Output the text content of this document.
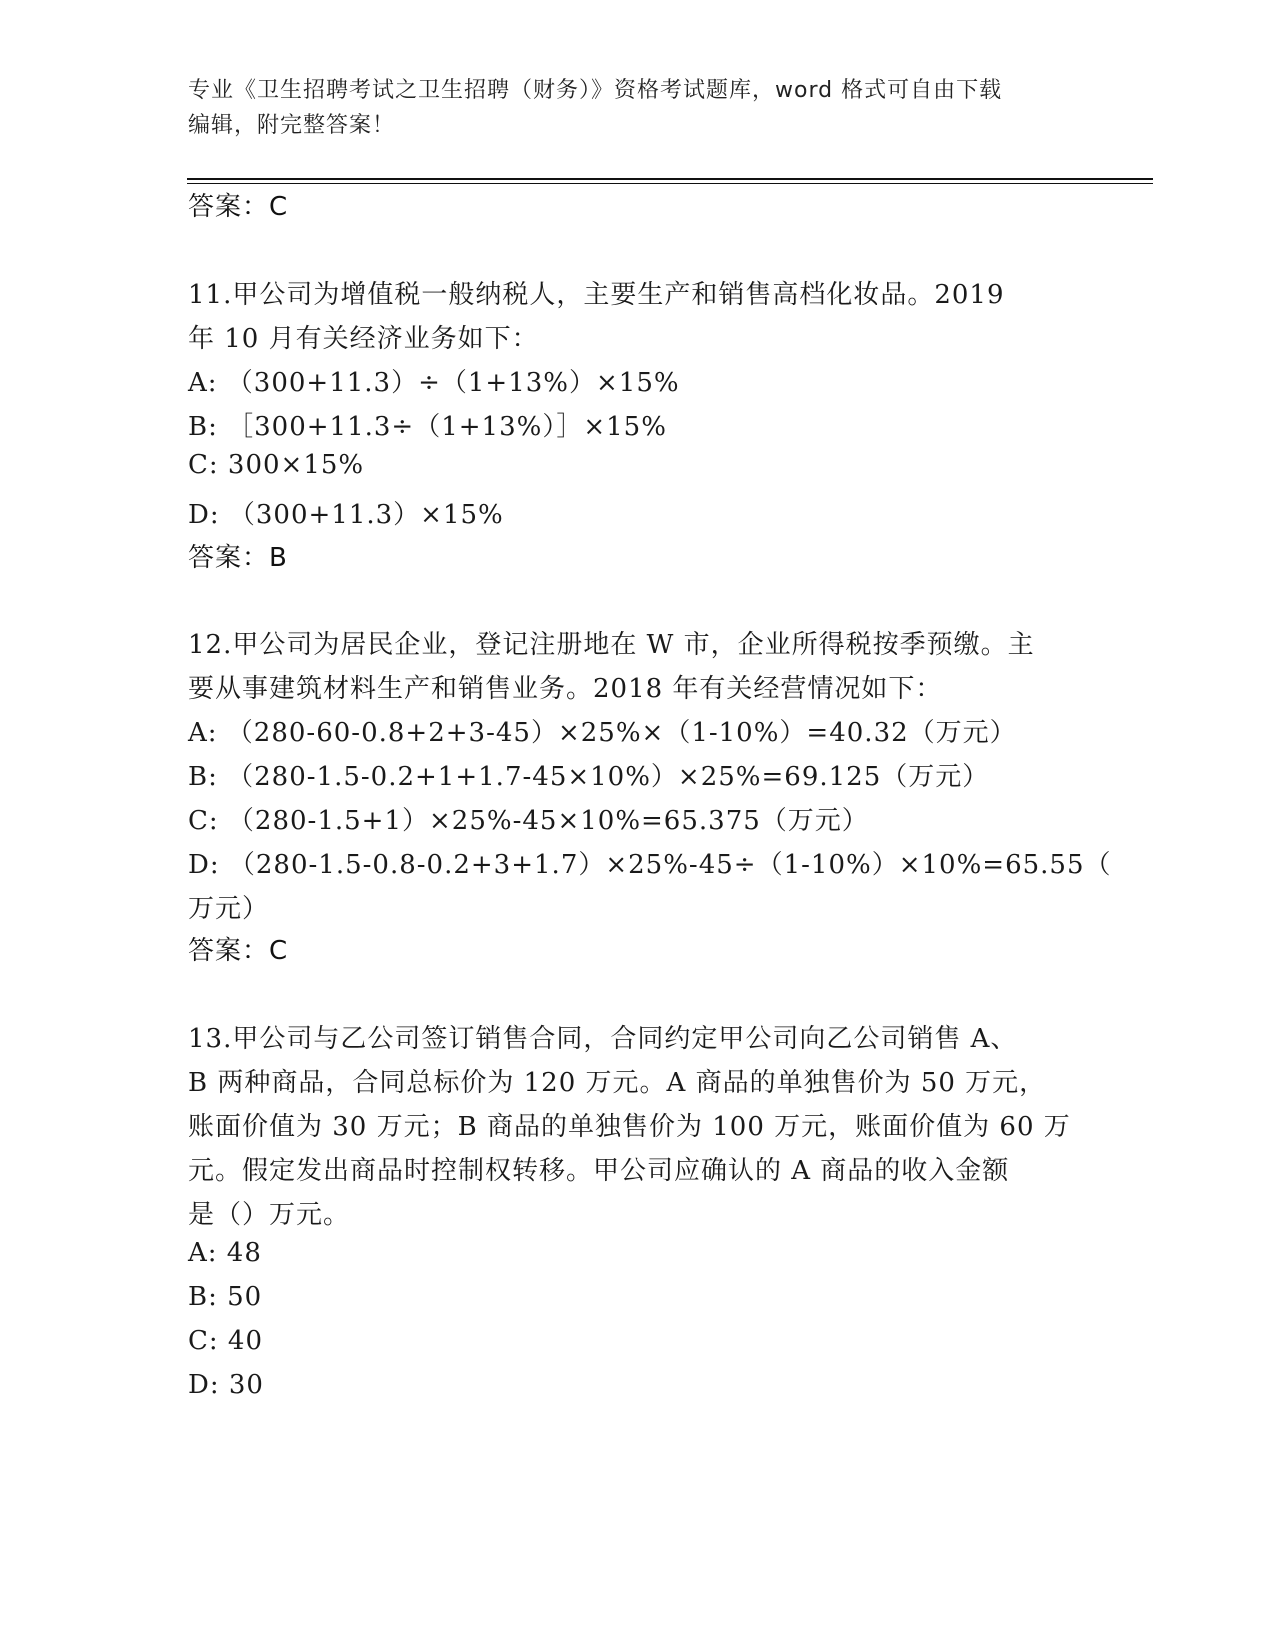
专业《卫生招聘考试之卫生招聘（财务）》资格考试题库，word 格式可自由下载
编辑，附完整答案！
答案：C
11.甲公司为增值税一般纳税人，主要生产和销售高档化妆品。2019
年 10 月有关经济业务如下：
A: （300+11.3）÷（1+13%）×15%
B: ［300+11.3÷（1+13%）］×15%
C: 300×15%
D: （300+11.3）×15%
答案：B
12.甲公司为居民企业，登记注册地在 W 市，企业所得税按季预缴。主
要从事建筑材料生产和销售业务。2018 年有关经营情况如下：
A: （280-60-0.8+2+3-45）×25%×（1-10%）=40.32（万元）
B: （280-1.5-0.2+1+1.7-45×10%）×25%=69.125（万元）
C: （280-1.5+1）×25%-45×10%=65.375（万元）
D: （280-1.5-0.8-0.2+3+1.7）×25%-45÷（1-10%）×10%=65.55（
万元）
答案：C
13.甲公司与乙公司签订销售合同，合同约定甲公司向乙公司销售 A、
B 两种商品，合同总标价为 120 万元。A 商品的单独售价为 50 万元，
账面价值为 30 万元；B 商品的单独售价为 100 万元，账面价值为 60 万
元。假定发出商品时控制权转移。甲公司应确认的 A 商品的收入金额
是（）万元。
A: 48
B: 50
C: 40
D: 30
